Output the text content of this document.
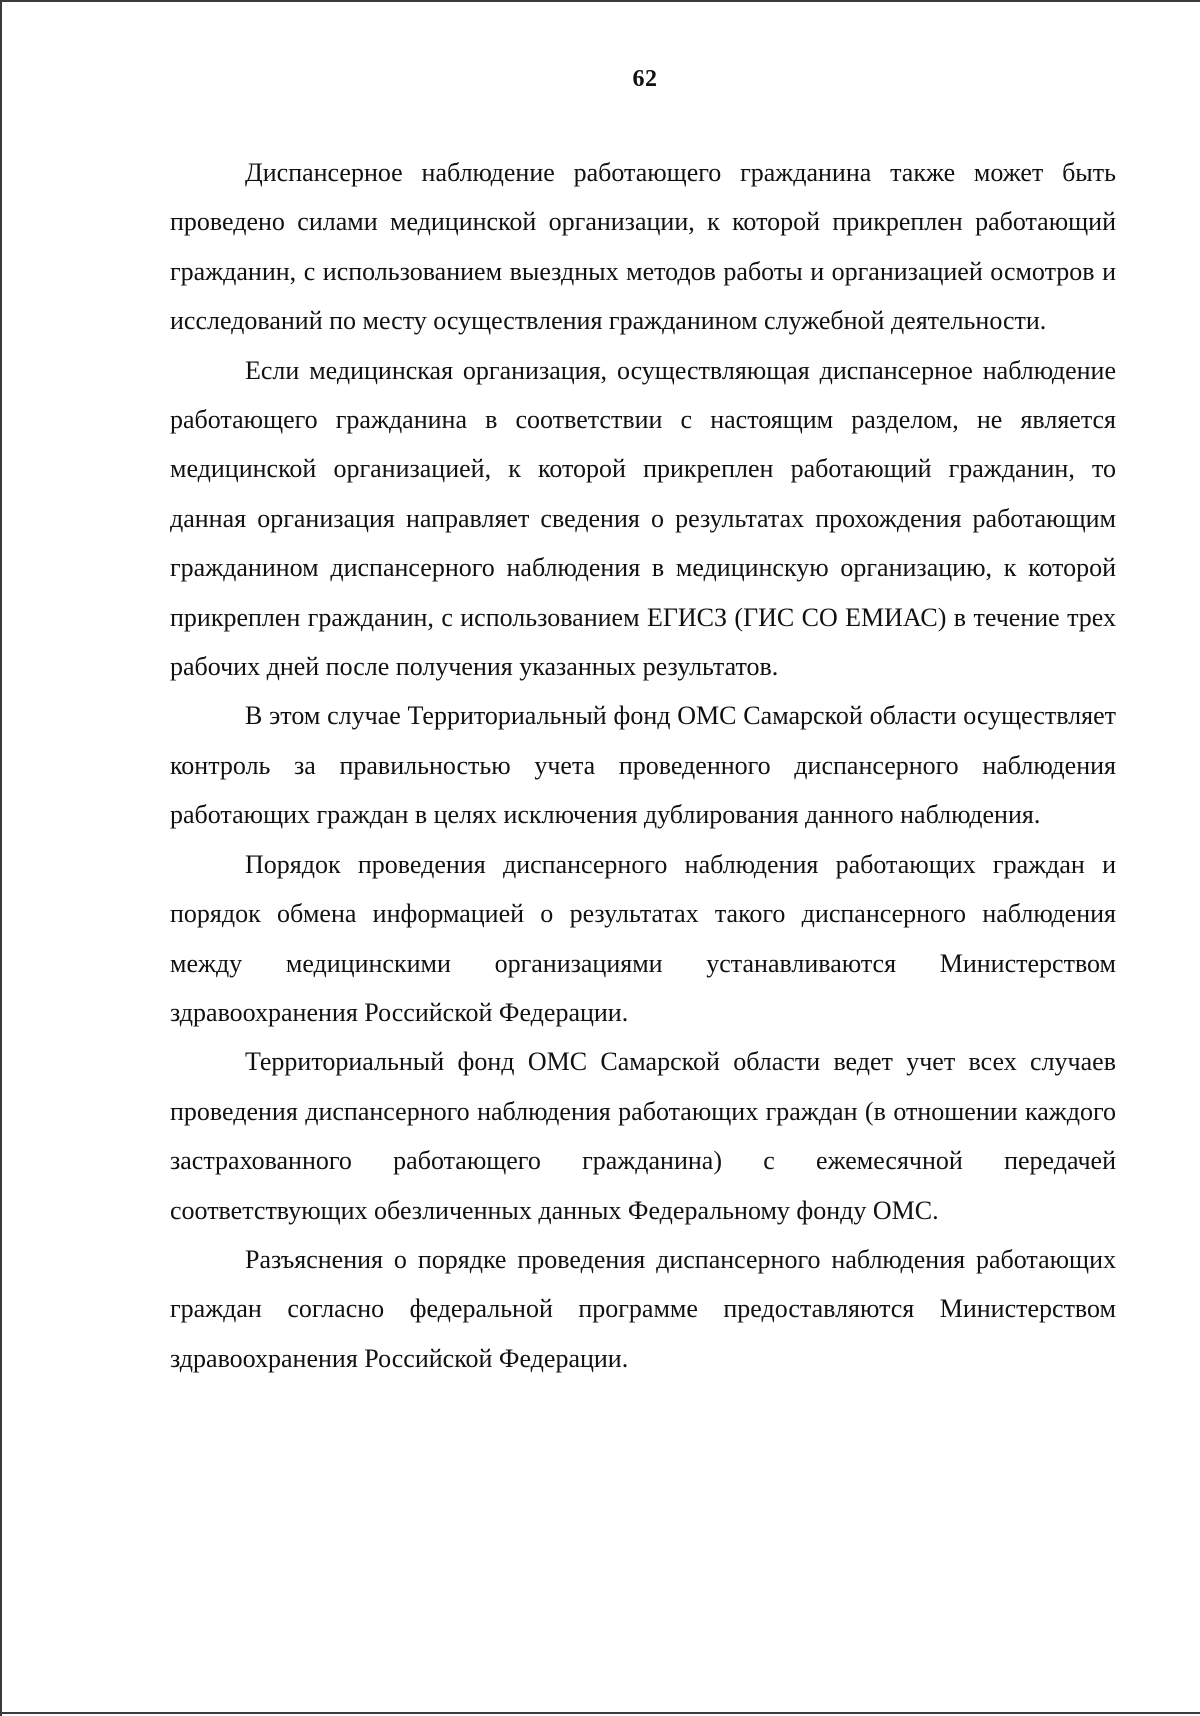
62

Диспансерное наблюдение работающего гражданина также может быть проведено силами медицинской организации, к которой прикреплен работающий гражданин, с использованием выездных методов работы и организацией осмотров и исследований по месту осуществления гражданином служебной деятельности.

Если медицинская организация, осуществляющая диспансерное наблюдение работающего гражданина в соответствии с настоящим разделом, не является медицинской организацией, к которой прикреплен работающий гражданин, то данная организация направляет сведения о результатах прохождения работающим гражданином диспансерного наблюдения в медицинскую организацию, к которой прикреплен гражданин, с использованием ЕГИСЗ (ГИС СО ЕМИАС) в течение трех рабочих дней после получения указанных результатов.

В этом случае Территориальный фонд ОМС Самарской области осуществляет контроль за правильностью учета проведенного диспансерного наблюдения работающих граждан в целях исключения дублирования данного наблюдения.

Порядок проведения диспансерного наблюдения работающих граждан и порядок обмена информацией о результатах такого диспансерного наблюдения между медицинскими организациями устанавливаются Министерством здравоохранения Российской Федерации.

Территориальный фонд ОМС Самарской области ведет учет всех случаев проведения диспансерного наблюдения работающих граждан (в отношении каждого застрахованного работающего гражданина) с ежемесячной передачей соответствующих обезличенных данных Федеральному фонду ОМС.

Разъяснения о порядке проведения диспансерного наблюдения работающих граждан согласно федеральной программе предоставляются Министерством здравоохранения Российской Федерации.
